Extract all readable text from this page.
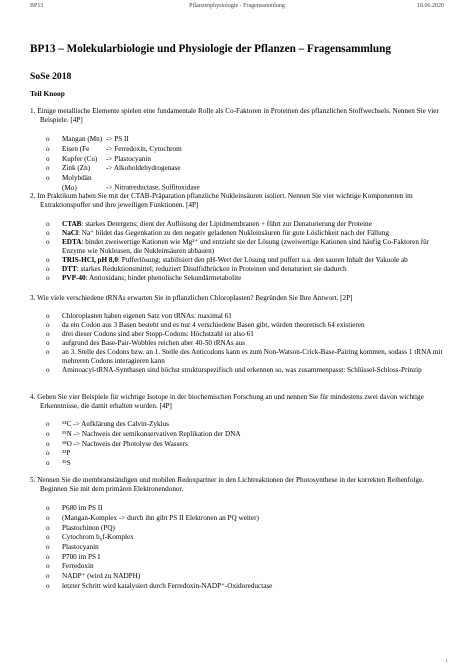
BP13	Pflanzenphysiologie - Fragensammlung	18.06.2020
BP13 – Molekularbiologie und Physiologie der Pflanzen – Fragensammlung
SoSe 2018
Teil Knoop
1. Einige metallische Elemente spielen eine fundamentale Rolle als Co-Faktoren in Proteinen des pflanzlichen Stoffwechsels. Nennen Sie vier Beispiele. [4P]
o Mangan (Mn) -> PS II
o Eisen (Fe -> Ferredoxin, Cytochrom
o Kupfer (Cu) -> Plastocyanin
o Zink (Zn) -> Alkoholdehydrogenase
o Molybdän (Mo)	-> Nitratreductase, Sulfitoxidase
2. Im Praktikum haben Sie mit der CTAB-Präparation pflanzliche Nukleinsäuren isoliert. Nennen Sie vier wichtige Komponenten im Extraktionspuffer und ihre jeweiligen Funktionen. [4P]
o CTAB: starkes Detergens; dient der Auflösung der Lipidmembranen + führt zur Denaturierung der Proteine
o NaCl: Na⁺ bildet das Gegenkation zu den negativ geladenen Nukleinsäuren für gute Löslichkeit nach der Fällung
o EDTA: bindet zweiwertige Kationen wie Mg²⁺ und entzieht sie der Lösung (zweiwertige Kationen sind häufig Co-Faktoren für Enzyme wie Nukleasen, die Nukleinsäuren abbauen)
o TRIS-HCl, pH 8,0: Pufferlösung; stabilisiert den pH-Wert der Lösung und puffert u.a. den sauren Inhalt der Vakuole ab
o DTT: starkes Reduktionsmittel; reduziert Disulfidbrücken in Proteinen und denaturiert sie dadurch
o PVP-40: Antioxidans; bindet phenolische Sekundärmetabolite
3. Wie viele verschiedene tRNAs erwarten Sie in pflanzlichen Chloroplasten? Begründen Sie Ihre Antwort. [2P]
o Chloroplasten haben eigenen Satz von tRNAs: maximal 61
o da ein Codon aus 3 Basen besteht und es nur 4 verschiedene Basen gibt, würden theoretisch 64 existieren
o drei dieser Codons sind aber Stopp-Codons: Höchstzahl ist also 61
o aufgrund des Base-Pair-Wobbles reichen aber 40-50 tRNAs aus
o an 3. Stelle des Codons bzw. an 1. Stelle des Anticodons kann es zum Non-Watson-Crick-Base-Pairing kommen, sodass 1 tRNA mit mehreren Codons interagieren kann
o Aminoacyl-tRNA-Synthasen sind höchst strukturspezifisch und erkennen so, was zusammenpasst: Schlüssel-Schloss-Prinzip
4. Geben Sie vier Beispiele für wichtige Isotope in der biochemischen Forschung an und nennen Sie für mindestens zwei davon wichtige Erkenntnisse, die damit erhalten wurden. [4P]
o ¹⁴C -> Aufklärung des Calvin-Zyklus
o ¹⁵N -> Nachweis der semikonservativen Replikation der DNA
o ¹⁸O -> Nachweis der Photolyse des Wassers
o ³²P
o ³⁵S
5. Nennen Sie die membranständigen und mobilen Redoxpartner in den Lichtreaktionen der Photosynthese in der korrekten Reihenfolge. Beginnen Sie mit dem primären Elektronendonor.
o P680 im PS II
o (Mangan-Komplex -> durch ihn gibt PS II Elektronen an PQ weiter)
o Plastochinon (PQ)
o Cytochrom b₆f-Komplex
o Plastocyanin
o P700 im PS I
o Ferredoxin
o NADP⁺ (wird zu NADPH)
o letzter Schritt wird katalysiert durch Ferredoxin-NADP⁺-Oxidoreductase
1
